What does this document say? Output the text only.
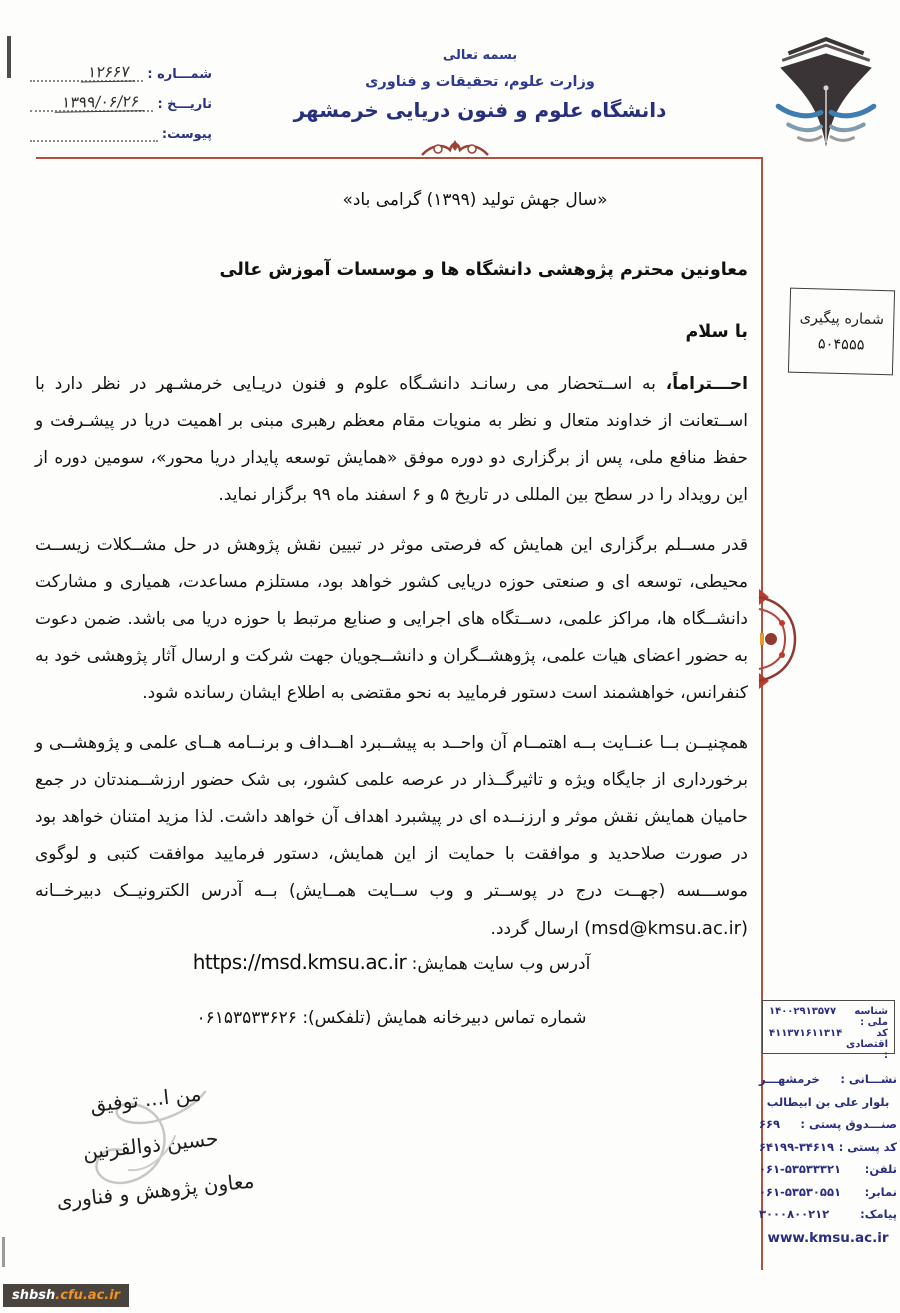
شمـــاره :
۱۲۶۶۷
تاریـــخ :
۱۳۹۹/۰۶/۲۶
پیوست:
بسمه تعالی
وزارت علوم، تحقیقات و فناوری
دانشگاه علوم و فنون دریایی خرمشهر
«سال جهش تولید (۱۳۹۹) گرامی باد»
شماره پیگیری
۵۰۴۵۵۵
معاونین محترم پژوهشی دانشگاه ها و موسسات آموزش عالی
با سلام

احـــتراماً، به اســتحضار می رسانـد دانشـگاه علوم و فنون دریـایی خرمشـهر در نظر دارد با اســتعانت از خداوند متعال و نظر به منویات مقام معظم رهبری مبنی بر اهمیت دریا در پیشـرفت و حفظ منافع ملی، پس از برگزاری دو دوره موفق «همایش توسعه پایدار دریا محور»، سومین دوره از این رویداد را در سطح بین المللی در تاریخ ۵ و ۶ اسفند ماه ۹۹ برگزار نماید.

قدر مســلم برگزاری این همایش که فرصتی موثر در تبیین نقش پژوهش در حل مشــکلات زیســت محیطی، توسعه ای و صنعتی حوزه دریایی کشور خواهد بود، مستلزم مساعدت، همیاری و مشارکت دانشــگاه ها، مراکز علمی، دســتگاه های اجرایی و صنایع مرتبط با حوزه دریا می باشد. ضمن دعوت به حضور اعضای هیات علمی، پژوهشــگران و دانشــجویان جهت شرکت و ارسال آثار پژوهشی خود به کنفرانس، خواهشمند است دستور فرمایید به نحو مقتضی به اطلاع ایشان رسانده شود.

همچنیــن بــا عنــایت بــه اهتمــام آن واحــد به پیشــبرد اهــداف و برنــامه هــای علمی و پژوهشــی و برخورداری از جایگاه ویژه و تاثیرگــذار در عرصه علمی کشور، بی شک حضور ارزشــمندتان در جمع حامیان همایش نقش موثر و ارزنــده ای در پیشبرد اهداف آن خواهد داشت. لذا مزید امتنان خواهد بود در صورت صلاحدید و موافقت با حمایت از این همایش، دستور فرمایید موافقت کتبی و لوگوی موســـسه (جهــت درج در پوســتر و وب ســایت همــایش) بــه آدرس الکترونیــک دبیرخــانه (msd@kmsu.ac.ir) ارسال گردد.

آدرس وب سایت همایش: https://msd.kmsu.ac.ir
شماره تماس دبیرخانه همایش (تلفکس): ۰۶۱۵۳۵۳۳۶۲۶
من ا... توفیق
حسین ذوالقرنین
معاون پژوهش و فناوری
شناسه ملی :
۱۴۰۰۲۹۱۳۵۷۷
کد اقتصادی :
۴۱۱۳۷۱۶۱۱۳۱۴
نشـــانی :
خرمشهـــر
بلوار علی بن ابیطالب
صنـــدوق پستی :
۶۶۹
کد پستی :
۶۴۱۹۹-۳۴۶۱۹
تلفن:
۰۶۱-۵۳۵۳۳۳۲۱
نمابر:
۰۶۱-۵۳۵۳۰۵۵۱
پیامک:
۳۰۰۰۸۰۰۲۱۲
www.kmsu.ac.ir
shbsh .cfu.ac.ir
